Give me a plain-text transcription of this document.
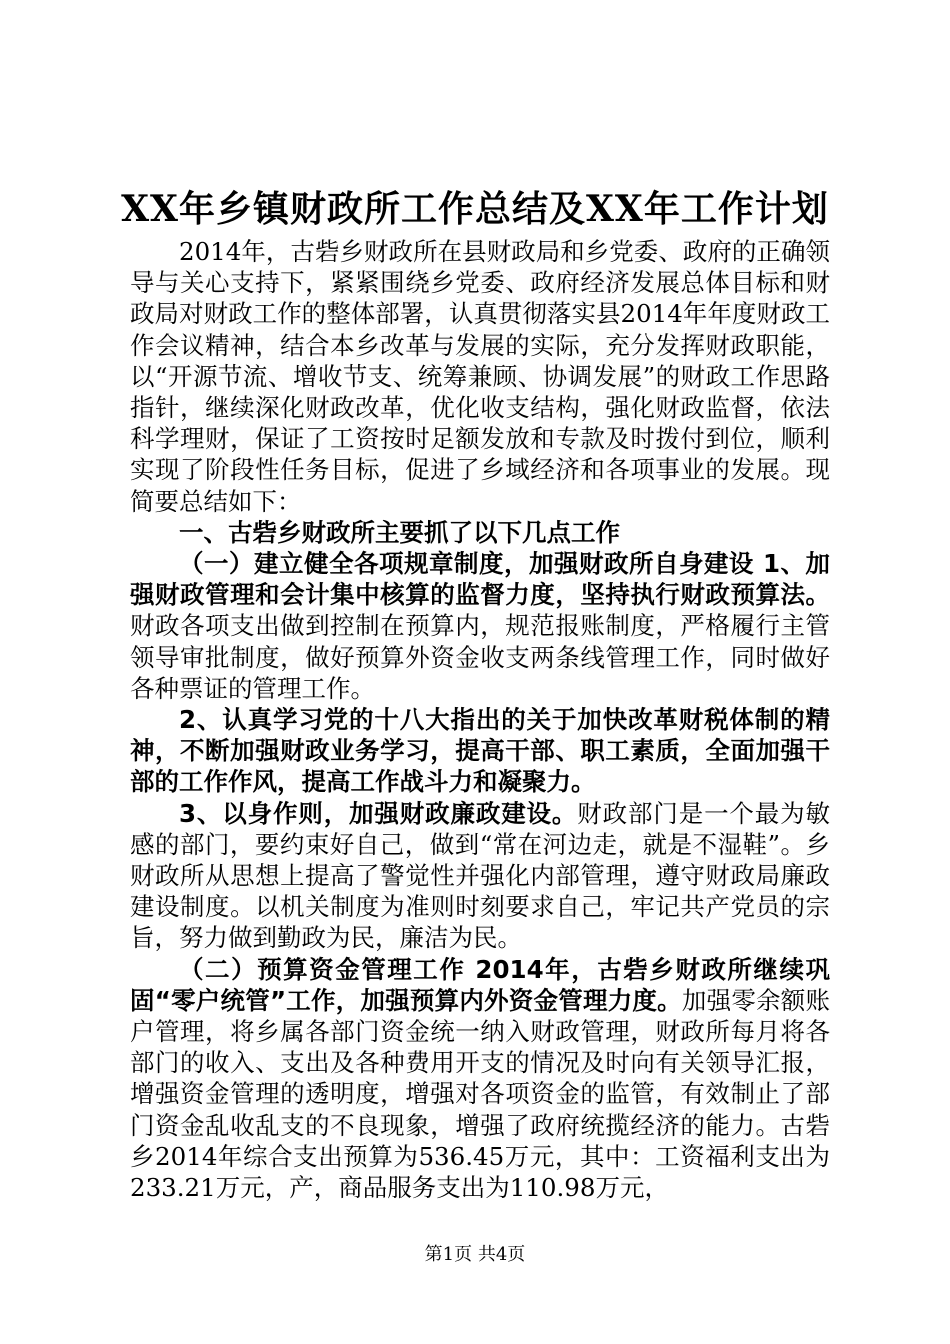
XX年乡镇财政所工作总结及XX年工作计划

2014年，古砦乡财政所在县财政局和乡党委、政府的正确领导与关心支持下，紧紧围绕乡党委、政府经济发展总体目标和财政局对财政工作的整体部署，认真贯彻落实县2014年年度财政工作会议精神，结合本乡改革与发展的实际，充分发挥财政职能，以“开源节流、增收节支、统筹兼顾、协调发展”的财政工作思路指针，继续深化财政改革，优化收支结构，强化财政监督，依法科学理财，保证了工资按时足额发放和专款及时拨付到位，顺利实现了阶段性任务目标，促进了乡域经济和各项事业的发展。现简要总结如下：

一、古砦乡财政所主要抓了以下几点工作

（一）建立健全各项规章制度，加强财政所自身建设 1、加强财政管理和会计集中核算的监督力度，坚持执行财政预算法。财政各项支出做到控制在预算内，规范报账制度，严格履行主管领导审批制度，做好预算外资金收支两条线管理工作，同时做好各种票证的管理工作。

2、认真学习党的十八大指出的关于加快改革财税体制的精神，不断加强财政业务学习，提高干部、职工素质，全面加强干部的工作作风，提高工作战斗力和凝聚力。

3、以身作则，加强财政廉政建设。财政部门是一个最为敏感的部门，要约束好自己，做到“常在河边走，就是不湿鞋”。乡财政所从思想上提高了警觉性并强化内部管理，遵守财政局廉政建设制度。以机关制度为准则时刻要求自己，牢记共产党员的宗旨，努力做到勤政为民，廉洁为民。

（二）预算资金管理工作 2014年，古砦乡财政所继续巩固“零户统管”工作，加强预算内外资金管理力度。加强零余额账户管理，将乡属各部门资金统一纳入财政管理，财政所每月将各部门的收入、支出及各种费用开支的情况及时向有关领导汇报，增强资金管理的透明度，增强对各项资金的监管，有效制止了部门资金乱收乱支的不良现象，增强了政府统揽经济的能力。古砦乡2014年综合支出预算为536.45万元，其中：工资福利支出为233.21万元，产，商品服务支出为110.98万元，

第1页 共4页
